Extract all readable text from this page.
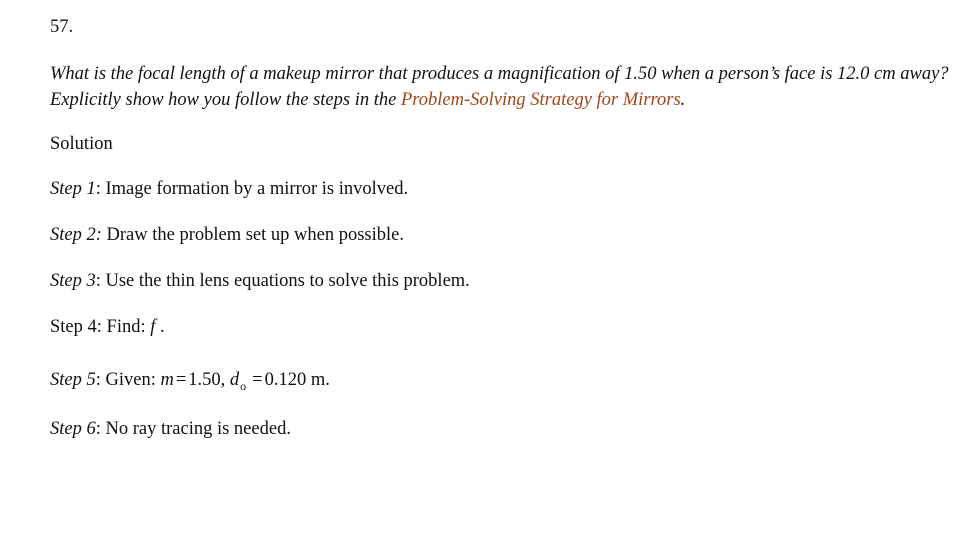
57.
What is the focal length of a makeup mirror that produces a magnification of 1.50 when a person’s face is 12.0 cm away? Explicitly show how you follow the steps in the Problem-Solving Strategy for Mirrors.
Solution
Step 1: Image formation by a mirror is involved.
Step 2: Draw the problem set up when possible.
Step 3: Use the thin lens equations to solve this problem.
Step 4: Find: f .
Step 5: Given: m = 1.50, $d_o = 0.120$ m.
Step 6: No ray tracing is needed.
